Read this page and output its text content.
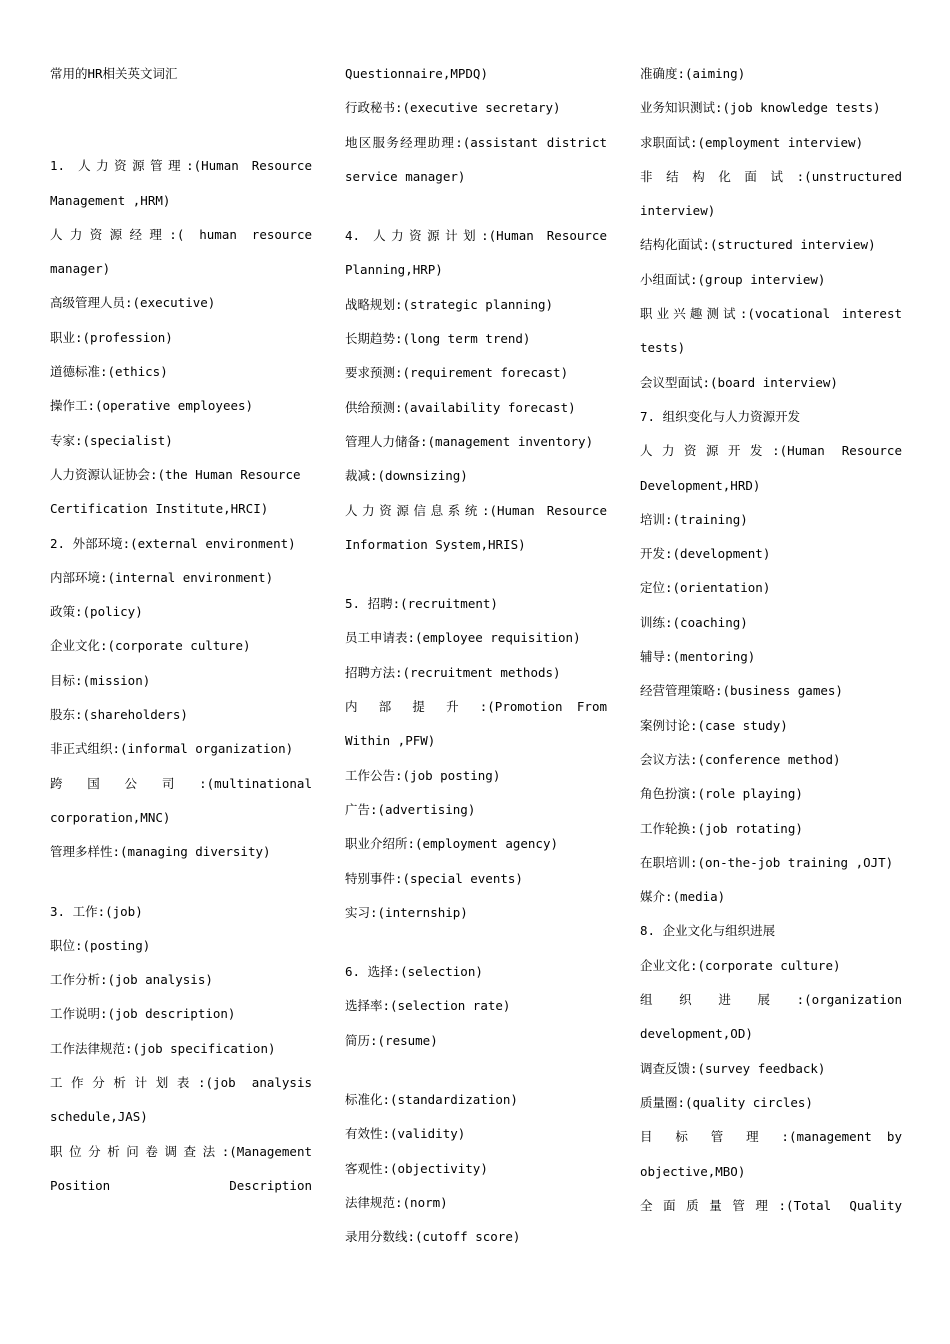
常用的HR相关英文词汇
1. 人力资源管理:(Human Resource
Management ,HRM)
人力资源经理:( human resource
manager)
高级管理人员:(executive)
职业:(profession)
道德标准:(ethics)
操作工:(operative employees)
专家:(specialist)
人力资源认证协会:(the Human Resource
Certification Institute,HRCI)
2. 外部环境:(external environment)
内部环境:(internal environment)
政策:(policy)
企业文化:(corporate culture)
目标:(mission)
股东:(shareholders)
非正式组织:(informal organization)
跨 国 公 司 :(multinational
corporation,MNC)
管理多样性:(managing diversity)
3. 工作:(job)
职位:(posting)
工作分析:(job analysis)
工作说明:(job description)
工作法律规范:(job specification)
工作分析计划表:(job analysis
schedule,JAS)
职位分析问卷调查法:(Management
Position Description
Questionnaire,MPDQ)
行政秘书:(executive secretary)
地区服务经理助理:(assistant district
service manager)
4. 人力资源计划:(Human Resource
Planning,HRP)
战略规划:(strategic planning)
长期趋势:(long term trend)
要求预测:(requirement forecast)
供给预测:(availability forecast)
管理人力储备:(management inventory)
裁减:(downsizing)
人力资源信息系统:(Human Resource
Information System,HRIS)
5. 招聘:(recruitment)
员工申请表:(employee requisition)
招聘方法:(recruitment methods)
内 部 提 升 :(Promotion From
Within ,PFW)
工作公告:(job posting)
广告:(advertising)
职业介绍所:(employment agency)
特别事件:(special events)
实习:(internship)
6. 选择:(selection)
选择率:(selection rate)
简历:(resume)
标准化:(standardization)
有效性:(validity)
客观性:(objectivity)
法律规范:(norm)
录用分数线:(cutoff score)
准确度:(aiming)
业务知识测试:(job knowledge tests)
求职面试:(employment interview)
非 结 构 化 面 试 :(unstructured
interview)
结构化面试:(structured interview)
小组面试:(group interview)
职业兴趣测试:(vocational interest
tests)
会议型面试:(board interview)
7. 组织变化与人力资源开发
人力资源开发:(Human Resource
Development,HRD)
培训:(training)
开发:(development)
定位:(orientation)
训练:(coaching)
辅导:(mentoring)
经营管理策略:(business games)
案例讨论:(case study)
会议方法:(conference method)
角色扮演:(role playing)
工作轮换:(job rotating)
在职培训:(on-the-job training ,OJT)
媒介:(media)
8. 企业文化与组织进展
企业文化:(corporate culture)
组 织 进 展 :(organization
development,OD)
调查反馈:(survey feedback)
质量圈:(quality circles)
目 标 管 理 :(management by
objective,MBO)
全面质量管理:(Total Quality
